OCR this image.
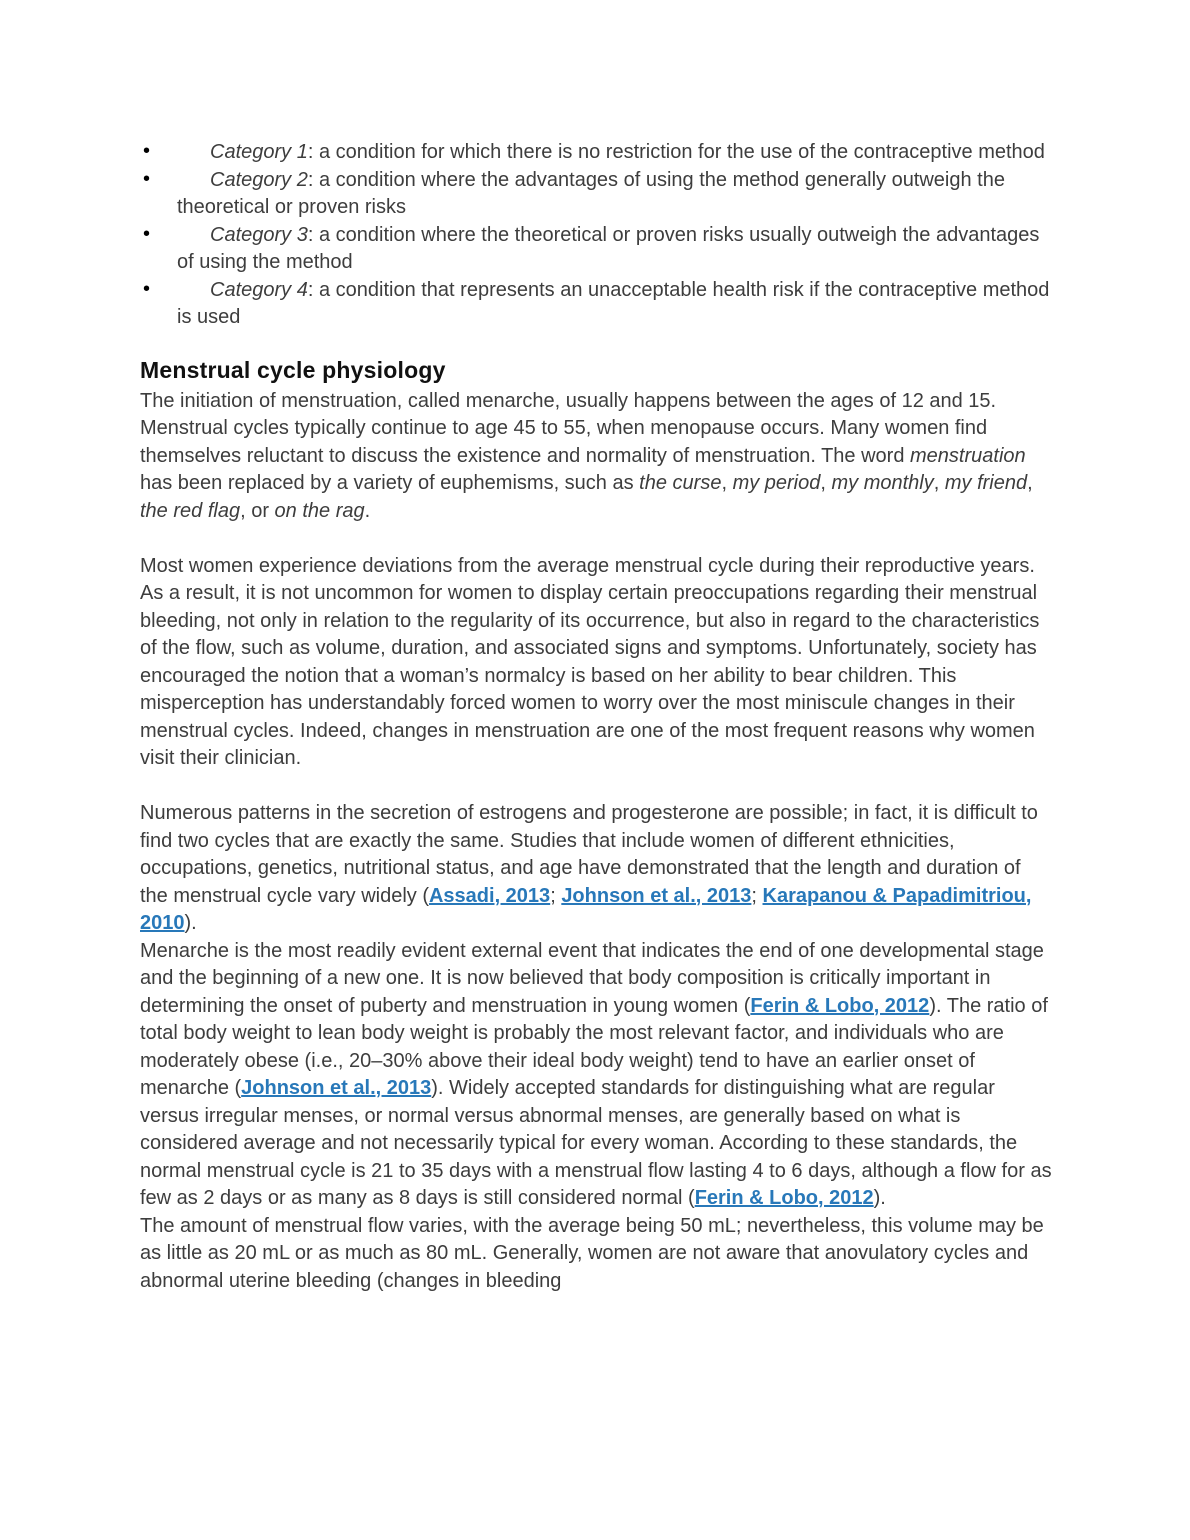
•	Category 1: a condition for which there is no restriction for the use of the contraceptive method
•	Category 2: a condition where the advantages of using the method generally outweigh the theoretical or proven risks
•	Category 3: a condition where the theoretical or proven risks usually outweigh the advantages of using the method
•	Category 4: a condition that represents an unacceptable health risk if the contraceptive method is used
Menstrual cycle physiology

The initiation of menstruation, called menarche, usually happens between the ages of 12 and 15. Menstrual cycles typically continue to age 45 to 55, when menopause occurs. Many women find themselves reluctant to discuss the existence and normality of menstruation. The word menstruation has been replaced by a variety of euphemisms, such as the curse, my period, my monthly, my friend, the red flag, or on the rag.

Most women experience deviations from the average menstrual cycle during their reproductive years. As a result, it is not uncommon for women to display certain preoccupations regarding their menstrual bleeding, not only in relation to the regularity of its occurrence, but also in regard to the characteristics of the flow, such as volume, duration, and associated signs and symptoms. Unfortunately, society has encouraged the notion that a woman’s normalcy is based on her ability to bear children. This misperception has understandably forced women to worry over the most miniscule changes in their menstrual cycles. Indeed, changes in menstruation are one of the most frequent reasons why women visit their clinician.

Numerous patterns in the secretion of estrogens and progesterone are possible; in fact, it is difficult to find two cycles that are exactly the same. Studies that include women of different ethnicities, occupations, genetics, nutritional status, and age have demonstrated that the length and duration of the menstrual cycle vary widely (Assadi, 2013; Johnson et al., 2013; Karapanou & Papadimitriou, 2010).

Menarche is the most readily evident external event that indicates the end of one developmental stage and the beginning of a new one. It is now believed that body composition is critically important in determining the onset of puberty and menstruation in young women (Ferin & Lobo, 2012). The ratio of total body weight to lean body weight is probably the most relevant factor, and individuals who are moderately obese (i.e., 20–30% above their ideal body weight) tend to have an earlier onset of menarche (Johnson et al., 2013). Widely accepted standards for distinguishing what are regular versus irregular menses, or normal versus abnormal menses, are generally based on what is considered average and not necessarily typical for every woman. According to these standards, the normal menstrual cycle is 21 to 35 days with a menstrual flow lasting 4 to 6 days, although a flow for as few as 2 days or as many as 8 days is still considered normal (Ferin & Lobo, 2012).

The amount of menstrual flow varies, with the average being 50 mL; nevertheless, this volume may be as little as 20 mL or as much as 80 mL. Generally, women are not aware that anovulatory cycles and abnormal uterine bleeding (changes in bleeding
